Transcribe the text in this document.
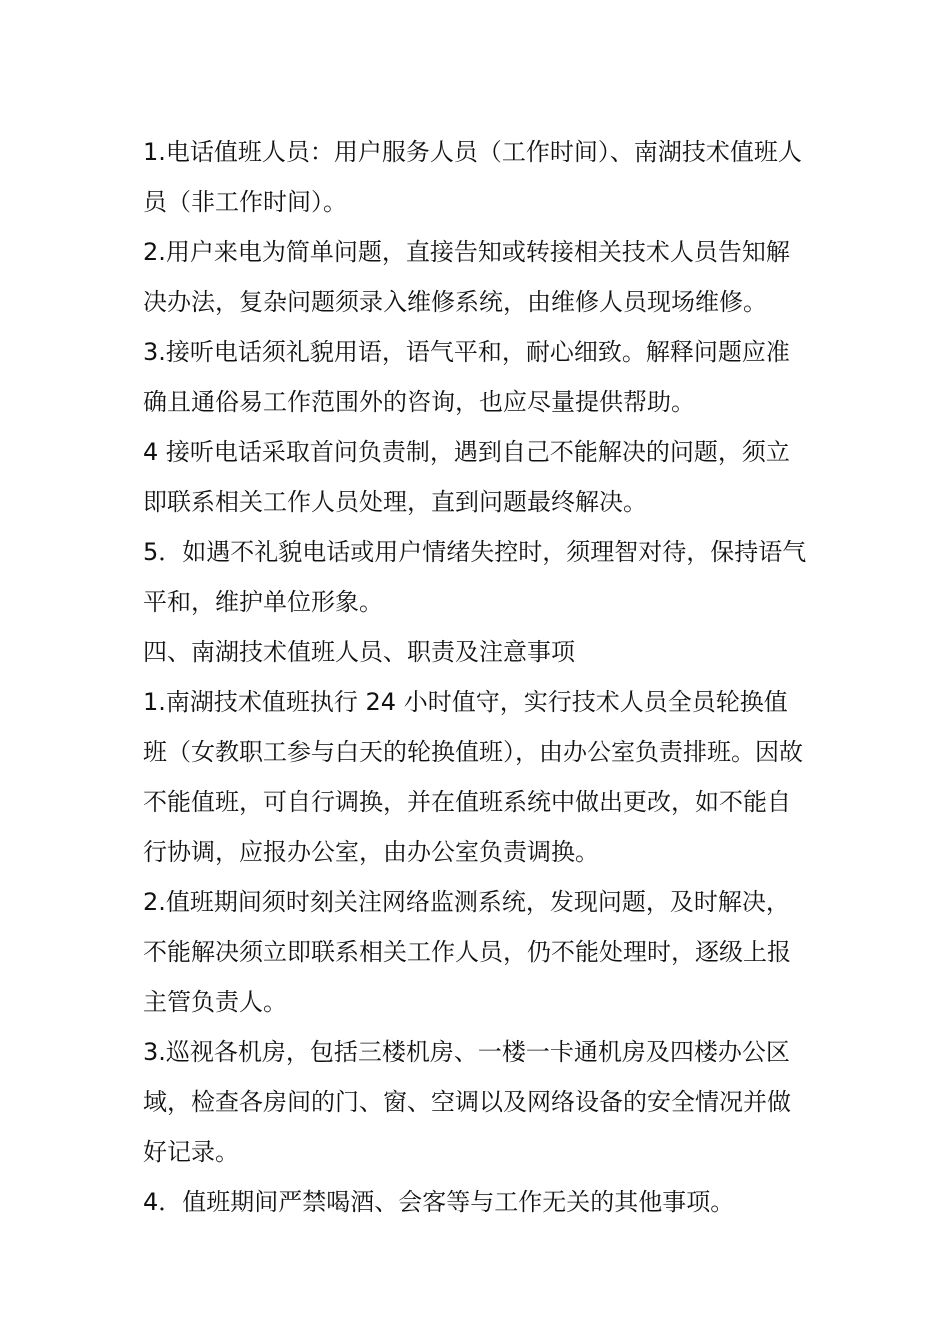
1.电话值班人员：用户服务人员（工作时间）、南湖技术值班人员（非工作时间）。

2.用户来电为简单问题，直接告知或转接相关技术人员告知解决办法，复杂问题须录入维修系统，由维修人员现场维修。

3.接听电话须礼貌用语，语气平和，耐心细致。解释问题应准确且通俗易工作范围外的咨询，也应尽量提供帮助。

4 接听电话采取首问负责制，遇到自己不能解决的问题，须立即联系相关工作人员处理，直到问题最终解决。

5．如遇不礼貌电话或用户情绪失控时，须理智对待，保持语气平和，维护单位形象。

四、南湖技术值班人员、职责及注意事项

1.南湖技术值班执行 24 小时值守，实行技术人员全员轮换值班（女教职工参与白天的轮换值班），由办公室负责排班。因故不能值班，可自行调换，并在值班系统中做出更改，如不能自行协调，应报办公室，由办公室负责调换。

2.值班期间须时刻关注网络监测系统，发现问题，及时解决，不能解决须立即联系相关工作人员，仍不能处理时，逐级上报主管负责人。

3.巡视各机房，包括三楼机房、一楼一卡通机房及四楼办公区域，检查各房间的门、窗、空调以及网络设备的安全情况并做好记录。

4．值班期间严禁喝酒、会客等与工作无关的其他事项。
